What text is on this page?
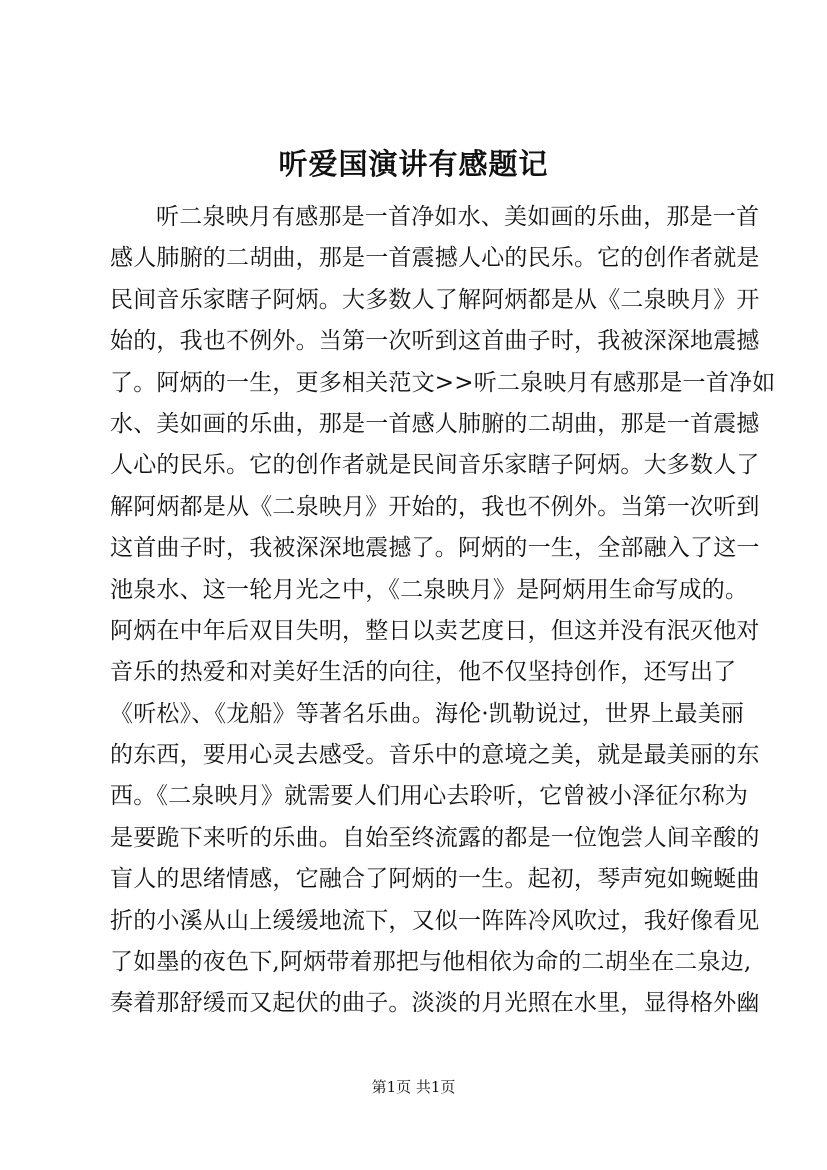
听爱国演讲有感题记
听二泉映月有感那是一首净如水、美如画的乐曲，那是一首
感人肺腑的二胡曲，那是一首震撼人心的民乐。它的创作者就是
民间音乐家瞎子阿炳。大多数人了解阿炳都是从《二泉映月》开
始的，我也不例外。当第一次听到这首曲子时，我被深深地震撼
了。阿炳的一生，更多相关范文>>听二泉映月有感那是一首净如
水、美如画的乐曲，那是一首感人肺腑的二胡曲，那是一首震撼
人心的民乐。它的创作者就是民间音乐家瞎子阿炳。大多数人了
解阿炳都是从《二泉映月》开始的，我也不例外。当第一次听到
这首曲子时，我被深深地震撼了。阿炳的一生，全部融入了这一
池泉水、这一轮月光之中，《二泉映月》是阿炳用生命写成的。
阿炳在中年后双目失明，整日以卖艺度日，但这并没有泯灭他对
音乐的热爱和对美好生活的向往，他不仅坚持创作，还写出了
《听松》、《龙船》等著名乐曲。海伦·凯勒说过，世界上最美丽
的东西，要用心灵去感受。音乐中的意境之美，就是最美丽的东
西。《二泉映月》就需要人们用心去聆听，它曾被小泽征尔称为
是要跪下来听的乐曲。自始至终流露的都是一位饱尝人间辛酸的
盲人的思绪情感，它融合了阿炳的一生。起初，琴声宛如蜿蜒曲
折的小溪从山上缓缓地流下，又似一阵阵冷风吹过，我好像看见
了如墨的夜色下,阿炳带着那把与他相依为命的二胡坐在二泉边,
奏着那舒缓而又起伏的曲子。淡淡的月光照在水里，显得格外幽
第1页 共1页
